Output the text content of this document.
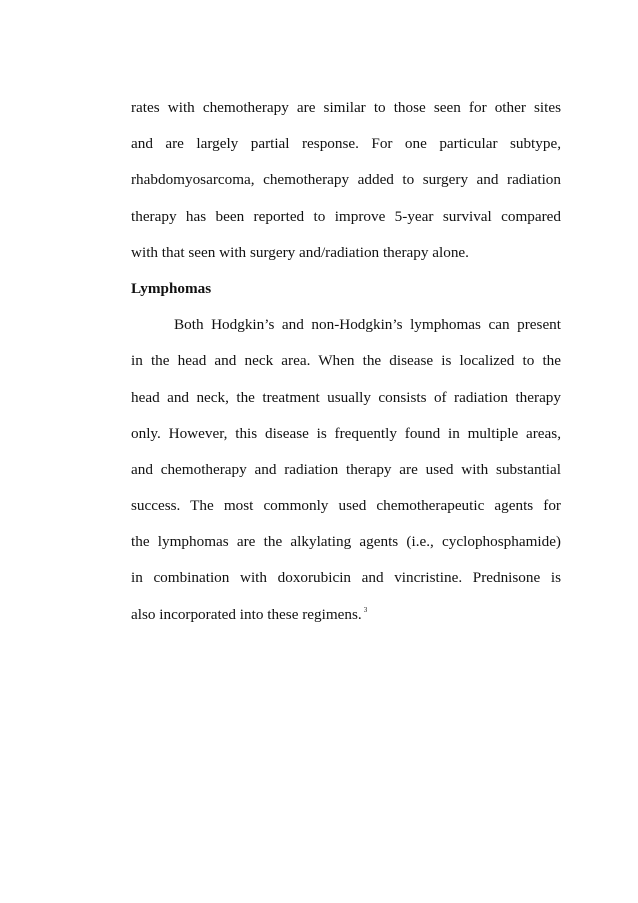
rates with chemotherapy are similar to those seen for other sites
and are largely partial response. For one particular subtype,
rhabdomyosarcoma, chemotherapy added to surgery and radiation
therapy has been reported to improve 5-year survival compared
with that seen with surgery and/radiation therapy alone.
Lymphomas
Both Hodgkin’s and non-Hodgkin’s lymphomas can present
in the head and neck area. When the disease is localized to the
head and neck, the treatment usually consists of radiation therapy
only. However, this disease is frequently found in multiple areas,
and chemotherapy and radiation therapy are used with substantial
success. The most commonly used chemotherapeutic agents for
the lymphomas are the alkylating agents (i.e., cyclophosphamide)
in combination with doxorubicin and vincristine. Prednisone is
also incorporated into these regimens. $^3$
